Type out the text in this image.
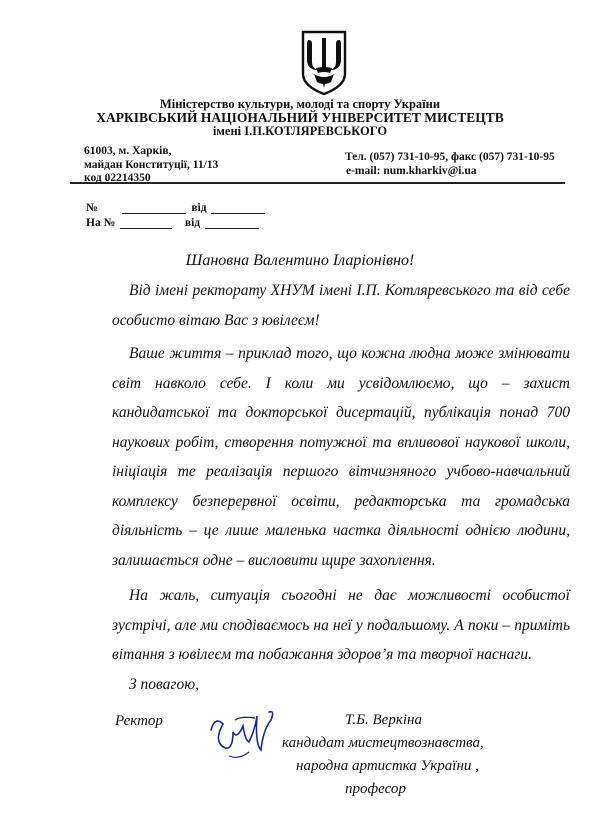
Міністерство культури, молоді та спорту України
ХАРКІВСЬКИЙ НАЦІОНАЛЬНИЙ УНІВЕРСИТЕТ МИСТЕЦТВ
імені І.П.КОТЛЯРЕВСЬКОГО
61003, м. Харків,
майдан Конституції, 11/13
код 02214350
Тел. (057) 731-10-95, факс (057) 731-10-95
e-mail: num.kharkiv@i.ua
№	від
На №	від
Шановна Валентино Іларіонівно!
Від імені ректорату ХНУМ імені І.П. Котляревського та від себе особисто вітаю Вас з ювілеєм!
Ваше життя – приклад того, що кожна людна може змінювати світ навколо себе. І коли ми усвідомлюємо, що – захист кандидатської та докторської дисертацій, публікація понад 700 наукових робіт, створення потужної та впливової наукової школи, ініціація те реалізація першого вітчизняного учбово-навчальний комплексу безперервної освіти, редакторська та громадська діяльність – це лише маленька частка діяльності однією людини, залишається одне – висловити щире захоплення.
На жаль, ситуація сьогодні не дає можливості особистої зустрічі, але ми сподіваємось на неї у подальшому. А поки – приміть вітання з ювілеєм та побажання здоров’я та творчої наснаги.
З повагою,
Ректор	Т.Б. Веркіна
кандидат мистецтвознавства,
народна артистка України ,
професор
